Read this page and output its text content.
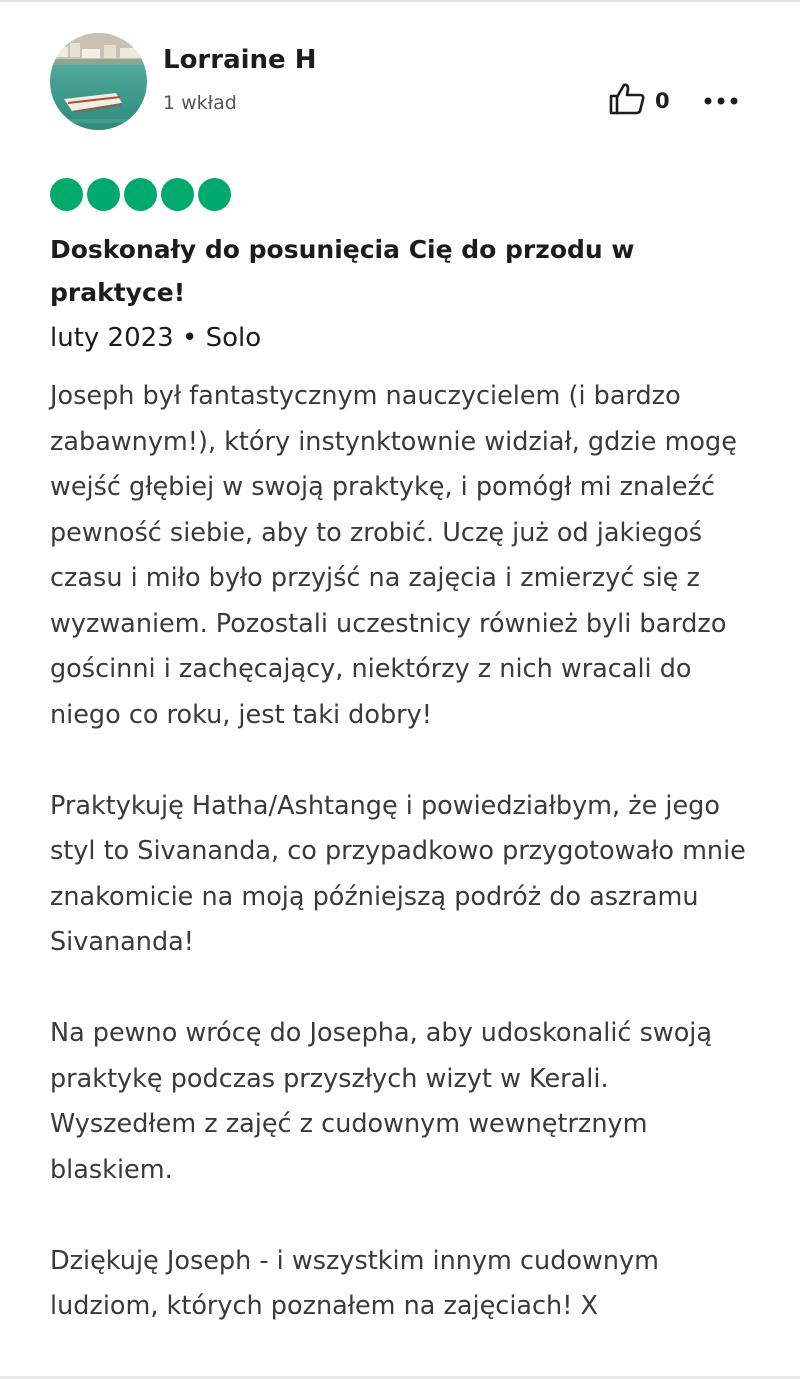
Lorraine H
1 wkład	0
Doskonały do posunięcia Cię do przodu w praktyce!
luty 2023 • Solo

Joseph był fantastycznym nauczycielem (i bardzo zabawnym!), który instynktownie widział, gdzie mogę wejść głębiej w swoją praktykę, i pomógł mi znaleźć pewność siebie, aby to zrobić. Uczę już od jakiegoś czasu i miło było przyjść na zajęcia i zmierzyć się z wyzwaniem. Pozostali uczestnicy również byli bardzo gościnni i zachęcający, niektórzy z nich wracali do niego co roku, jest taki dobry!

Praktykuję Hatha/Ashtangę i powiedziałbym, że jego styl to Sivananda, co przypadkowo przygotowało mnie znakomicie na moją późniejszą podróż do aszramu Sivananda!

Na pewno wrócę do Josepha, aby udoskonalić swoją praktykę podczas przyszłych wizyt w Kerali. Wyszedłem z zajęć z cudownym wewnętrznym blaskiem.

Dziękuję Joseph - i wszystkim innym cudownym ludziom, których poznałem na zajęciach! X
